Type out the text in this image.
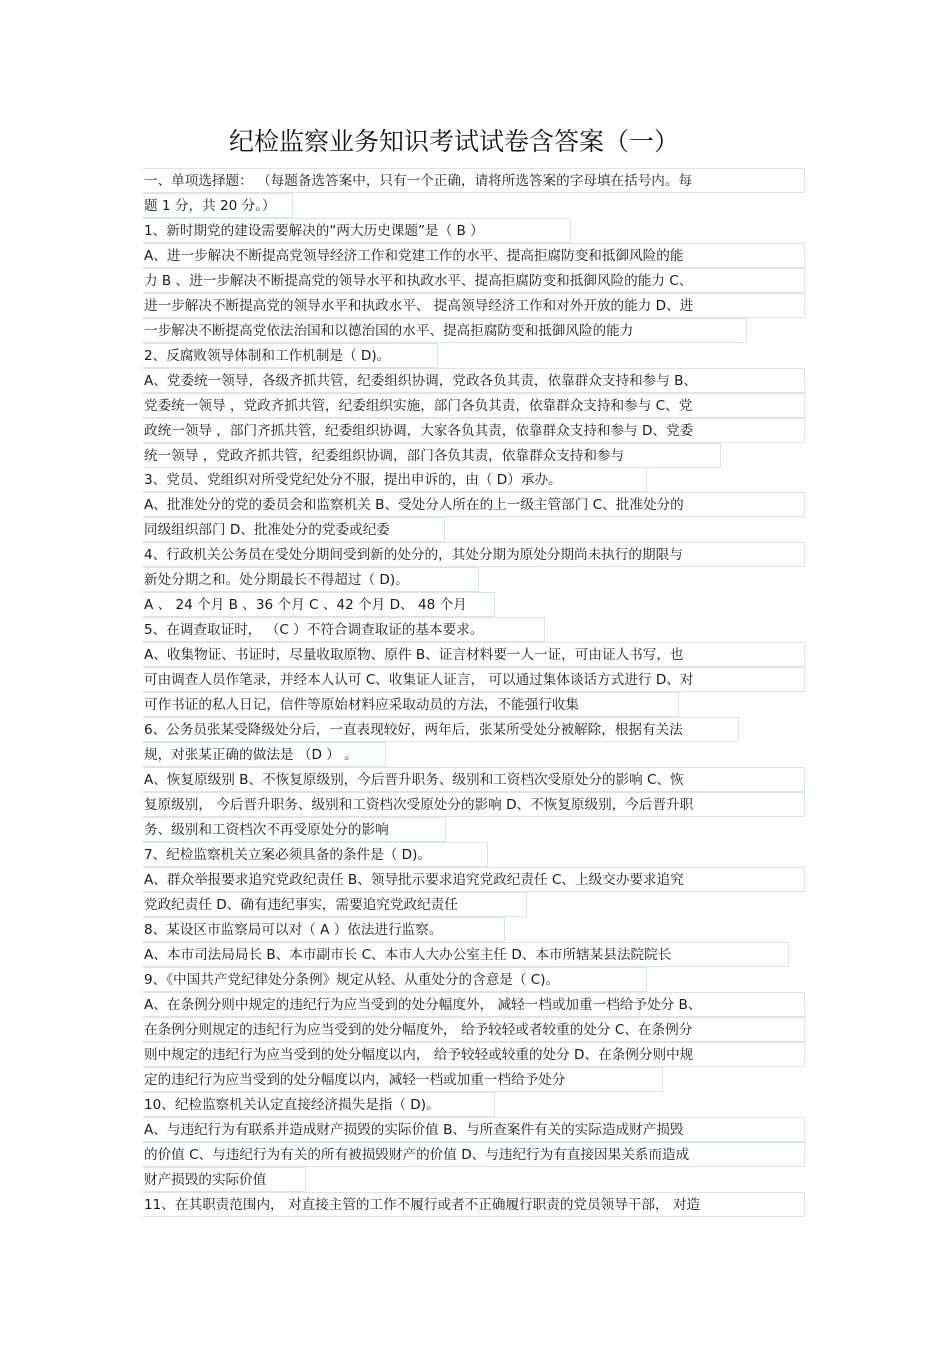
纪检监察业务知识考试试卷含答案（一）
一、单项选择题： （每题备选答案中，只有一个正确，请将所选答案的字母填在括号内。每
题 1 分，共 20 分。）
1、新时期党的建设需要解决的“两大历史课题”是（ B ）
A、进一步解决不断提高党领导经济工作和党建工作的水平、提高拒腐防变和抵御风险的能
力 B 、进一步解决不断提高党的领导水平和执政水平、提高拒腐防变和抵御风险的能力 C、
进一步解决不断提高党的领导水平和执政水平、 提高领导经济工作和对外开放的能力 D、进
一步解决不断提高党依法治国和以德治国的水平、提高拒腐防变和抵御风险的能力
2、反腐败领导体制和工作机制是（ D)。
A、党委统一领导，各级齐抓共管，纪委组织协调，党政各负其责，依靠群众支持和参与 B、
党委统一领导 ，党政齐抓共管，纪委组织实施，部门各负其责，依靠群众支持和参与 C、党
政统一领导 ，部门齐抓共管，纪委组织协调，大家各负其责，依靠群众支持和参与 D、党委
统一领导 ，党政齐抓共管，纪委组织协调，部门各负其责，依靠群众支持和参与
3、党员、党组织对所受党纪处分不服，提出申诉的，由（ D）承办。
A、批准处分的党的委员会和监察机关 B、受处分人所在的上一级主管部门 C、批准处分的
同级组织部门 D、批准处分的党委或纪委
4、行政机关公务员在受处分期间受到新的处分的，其处分期为原处分期尚未执行的期限与
新处分期之和。处分期最长不得超过（ D)。
A 、 24 个月 B 、36 个月 C 、42 个月 D、 48 个月
5、在调查取证时， （C ）不符合调查取证的基本要求。
A、收集物证、书证时，尽量收取原物、原件 B、证言材料要一人一证，可由证人书写，也
可由调查人员作笔录，并经本人认可 C、收集证人证言， 可以通过集体谈话方式进行 D、对
可作书证的私人日记，信件等原始材料应采取动员的方法，不能强行收集
6、公务员张某受降级处分后，一直表现较好，两年后，张某所受处分被解除，根据有关法
规，对张某正确的做法是 （D ） 。
A、恢复原级别 B、不恢复原级别，今后晋升职务、级别和工资档次受原处分的影响 C、恢
复原级别， 今后晋升职务、级别和工资档次受原处分的影响 D、不恢复原级别，今后晋升职
务、级别和工资档次不再受原处分的影响
7、纪检监察机关立案必须具备的条件是（ D)。
A、群众举报要求追究党政纪责任 B、领导批示要求追究党政纪责任 C、上级交办要求追究
党政纪责任 D、确有违纪事实，需要追究党政纪责任
8、某设区市监察局可以对（ A ）依法进行监察。
A、本市司法局局长 B、本市副市长 C、本市人大办公室主任 D、本市所辖某县法院院长
9、《中国共产党纪律处分条例》规定从轻、从重处分的含意是（ C)。
A、在条例分则中规定的违纪行为应当受到的处分幅度外， 减轻一档或加重一档给予处分 B、
在条例分则规定的违纪行为应当受到的处分幅度外， 给予较轻或者较重的处分 C、在条例分
则中规定的违纪行为应当受到的处分幅度以内， 给予较轻或较重的处分 D、在条例分则中规
定的违纪行为应当受到的处分幅度以内，减轻一档或加重一档给予处分
10、纪检监察机关认定直接经济损失是指（ D)。
A、与违纪行为有联系并造成财产损毁的实际价值 B、与所查案件有关的实际造成财产损毁
的价值 C、与违纪行为有关的所有被损毁财产的价值 D、与违纪行为有直接因果关系而造成
财产损毁的实际价值
11、在其职责范围内， 对直接主管的工作不履行或者不正确履行职责的党员领导干部， 对造
